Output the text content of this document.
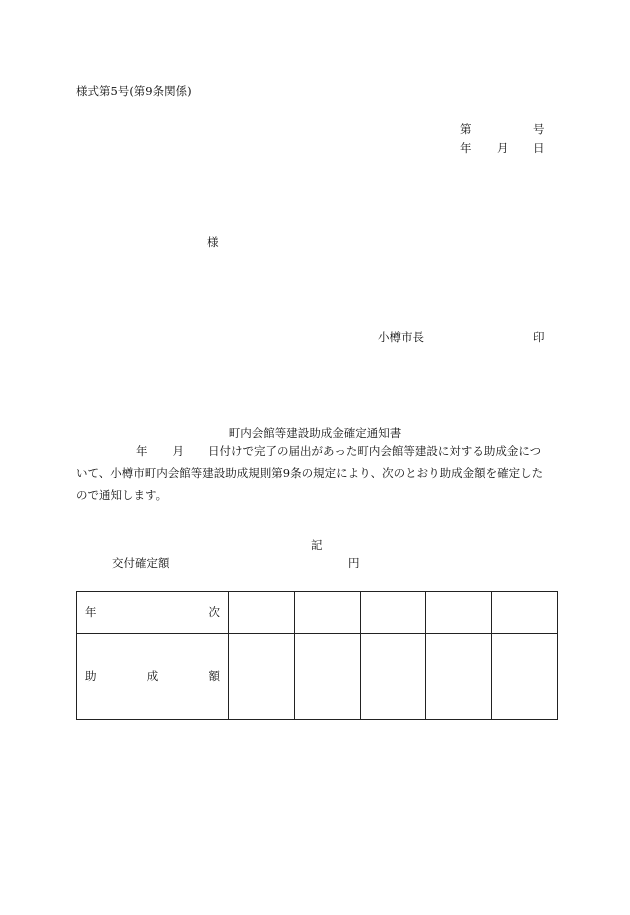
様式第5号(第9条関係)
第	号
年 月 日
様
小樽市長	印
町内会館等建設助成金確定通知書
年 月 日付けで完了の届出があった町内会館等建設に対する助成金につ
いて、小樽市町内会館等建設助成規則第9条の規定により、次のとおり助成金額を確定した
ので通知します。
記
交付確定額	円
年 次					

助 成 額					
